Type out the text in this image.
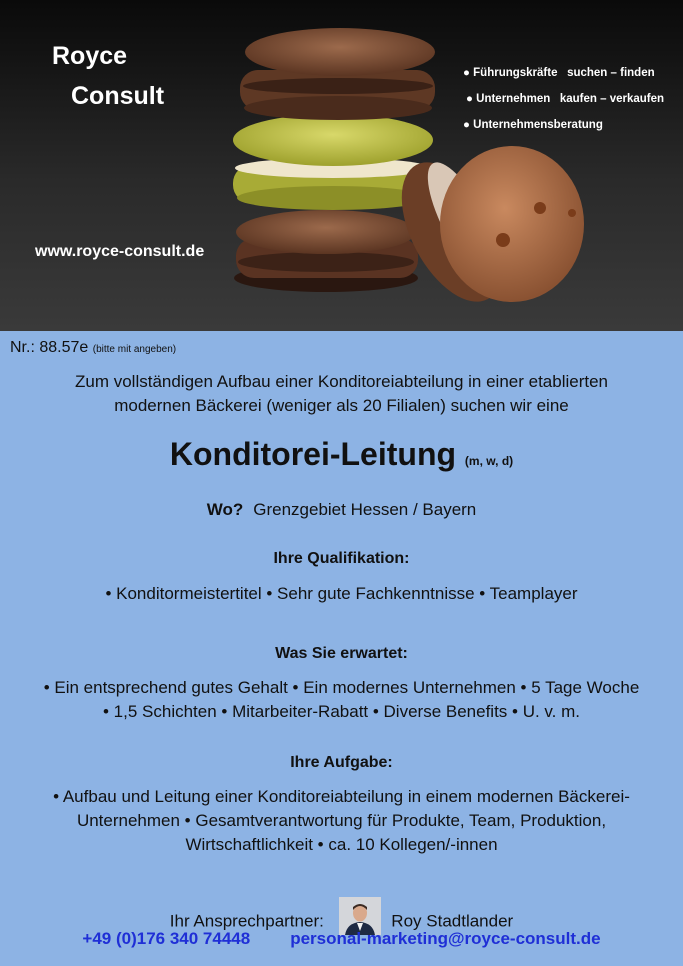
Royce
Consult
www.royce-consult.de
● Führungskräfte   suchen – finden
● Unternehmen   kaufen – verkaufen
● Unternehmensberatung
Nr.: 88.57e (bitte mit angeben)
Zum vollständigen Aufbau einer Konditoreiabteilung in einer etablierten
modernen Bäckerei (weniger als 20 Filialen) suchen wir eine
Konditorei-Leitung (m, w, d)
Wo? Grenzgebiet Hessen / Bayern
Ihre Qualifikation:
• Konditormeistertitel • Sehr gute Fachkenntnisse • Teamplayer
Was Sie erwartet:
• Ein entsprechend gutes Gehalt • Ein modernes Unternehmen • 5 Tage Woche
• 1,5 Schichten • Mitarbeiter-Rabatt • Diverse Benefits • U. v. m.
Ihre Aufgabe:
• Aufbau und Leitung einer Konditoreiabteilung in einem modernen Bäckerei-
Unternehmen • Gesamtverantwortung für Produkte, Team, Produktion,
Wirtschaftlichkeit • ca. 10 Kollegen/-innen
Ihr Ansprechpartner:	Roy Stadtlander
+49 (0)176 340 74448 personal-marketing@royce-consult.de
